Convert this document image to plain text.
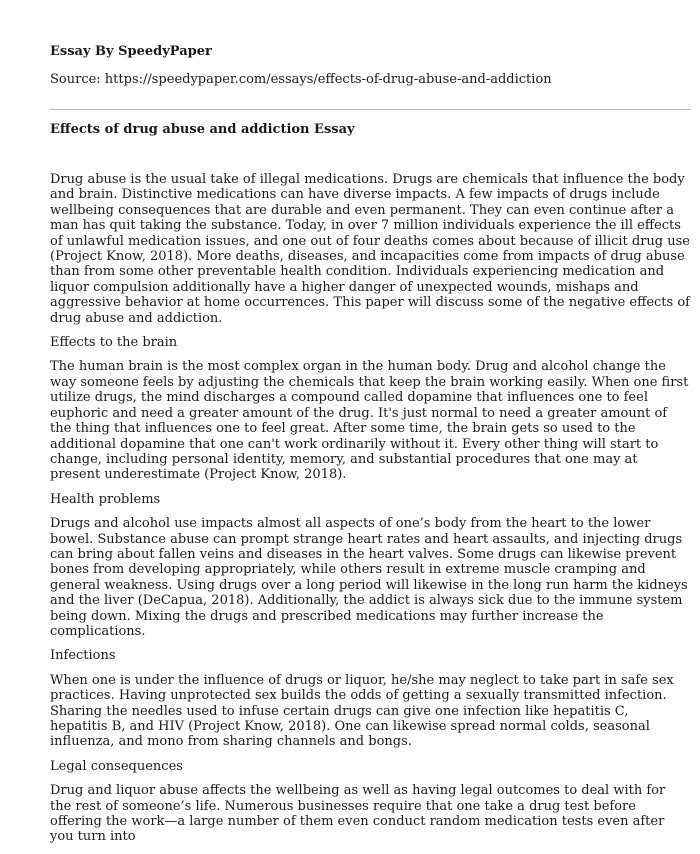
Essay By SpeedyPaper

Source: https://speedypaper.com/essays/effects-of-drug-abuse-and-addiction

Effects of drug abuse and addiction Essay

Drug abuse is the usual take of illegal medications. Drugs are chemicals that influence the body and brain. Distinctive medications can have diverse impacts. A few impacts of drugs include wellbeing consequences that are durable and even permanent. They can even continue after a man has quit taking the substance. Today, in over 7 million individuals experience the ill effects of unlawful medication issues, and one out of four deaths comes about because of illicit drug use (Project Know, 2018). More deaths, diseases, and incapacities come from impacts of drug abuse than from some other preventable health condition. Individuals experiencing medication and liquor compulsion additionally have a higher danger of unexpected wounds, mishaps and aggressive behavior at home occurrences. This paper will discuss some of the negative effects of drug abuse and addiction.

Effects to the brain

The human brain is the most complex organ in the human body. Drug and alcohol change the way someone feels by adjusting the chemicals that keep the brain working easily. When one first utilize drugs, the mind discharges a compound called dopamine that influences one to feel euphoric and need a greater amount of the drug. It's just normal to need a greater amount of the thing that influences one to feel great. After some time, the brain gets so used to the additional dopamine that one can't work ordinarily without it. Every other thing will start to change, including personal identity, memory, and substantial procedures that one may at present underestimate (Project Know, 2018).

Health problems

Drugs and alcohol use impacts almost all aspects of one’s body from the heart to the lower bowel. Substance abuse can prompt strange heart rates and heart assaults, and injecting drugs can bring about fallen veins and diseases in the heart valves. Some drugs can likewise prevent bones from developing appropriately, while others result in extreme muscle cramping and general weakness. Using drugs over a long period will likewise in the long run harm the kidneys and the liver (DeCapua, 2018). Additionally, the addict is always sick due to the immune system being down. Mixing the drugs and prescribed medications may further increase the complications.

Infections

When one is under the influence of drugs or liquor, he/she may neglect to take part in safe sex practices. Having unprotected sex builds the odds of getting a sexually transmitted infection. Sharing the needles used to infuse certain drugs can give one infection like hepatitis C, hepatitis B, and HIV (Project Know, 2018). One can likewise spread normal colds, seasonal influenza, and mono from sharing channels and bongs.

Legal consequences

Drug and liquor abuse affects the wellbeing as well as having legal outcomes to deal with for the rest of someone’s life. Numerous businesses require that one take a drug test before offering the work—a large number of them even conduct random medication tests even after you turn into
